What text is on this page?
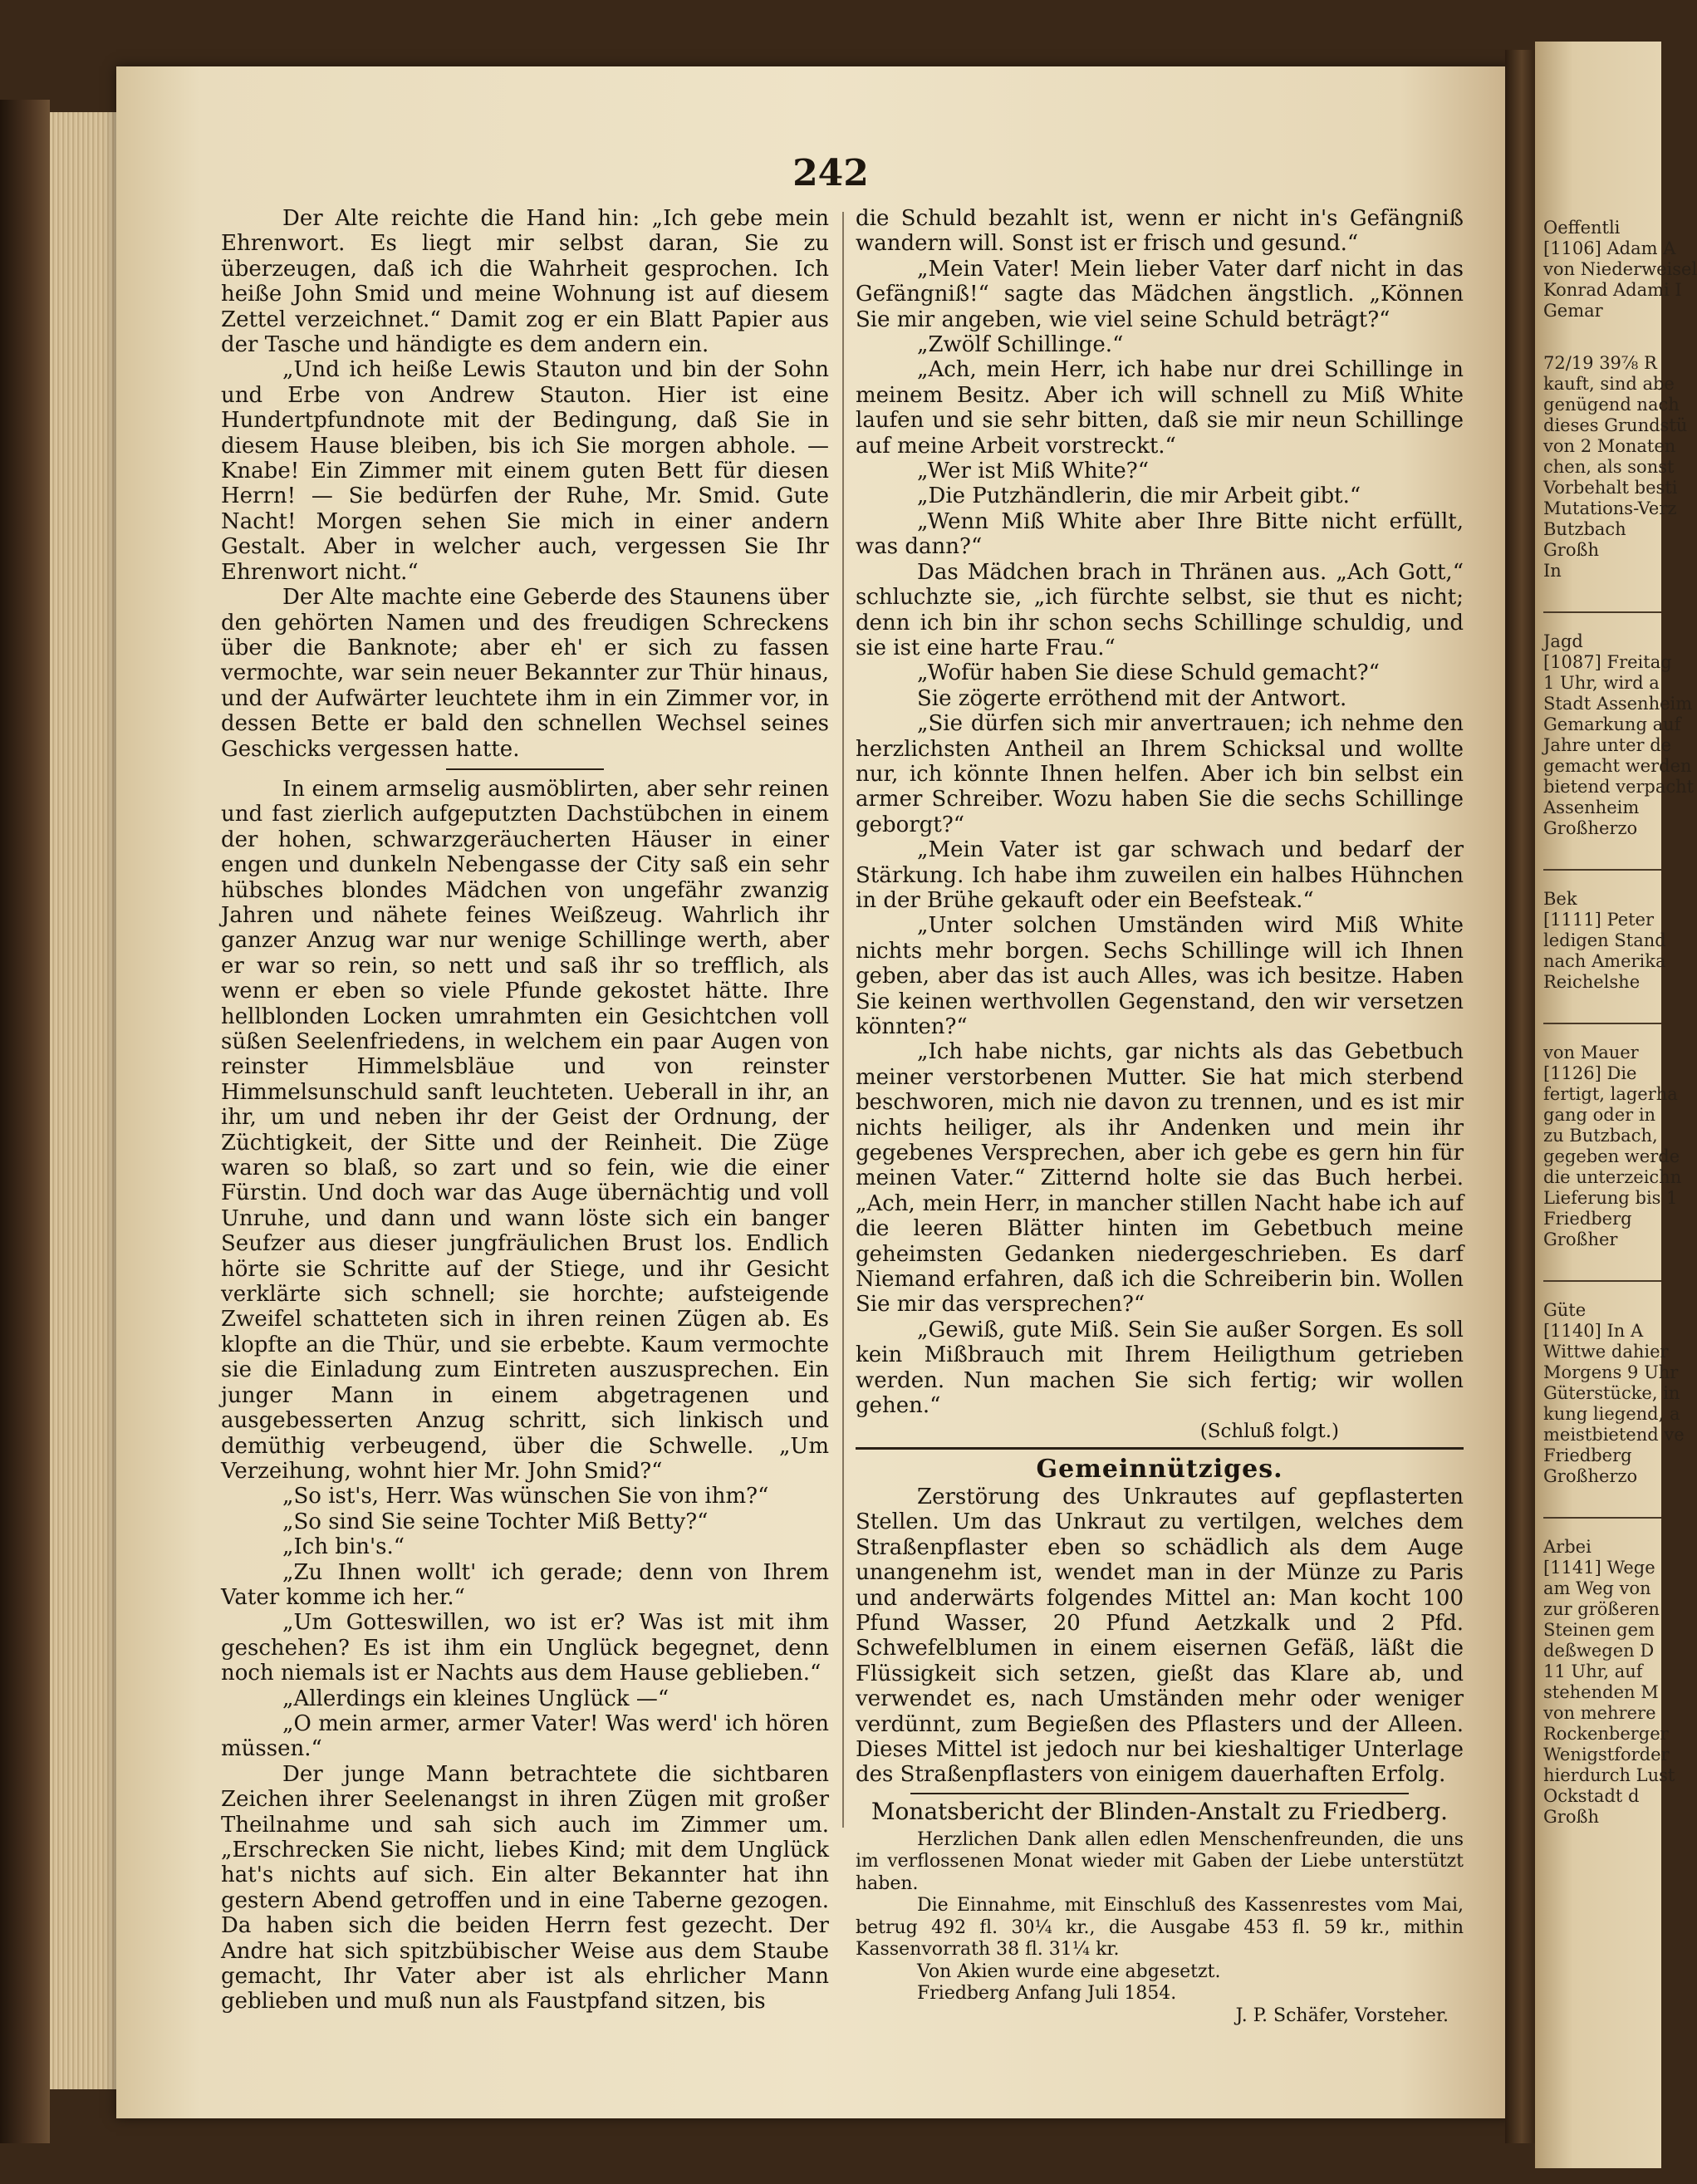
242

Der Alte reichte die Hand hin: „Ich gebe mein Ehrenwort. Es liegt mir selbst daran, Sie zu überzeugen, daß ich die Wahrheit gesprochen. Ich heiße John Smid und meine Wohnung ist auf diesem Zettel verzeichnet.“ Damit zog er ein Blatt Papier aus der Tasche und händigte es dem andern ein.

„Und ich heiße Lewis Stauton und bin der Sohn und Erbe von Andrew Stauton. Hier ist eine Hundertpfundnote mit der Bedingung, daß Sie in diesem Hause bleiben, bis ich Sie morgen abhole. — Knabe! Ein Zimmer mit einem guten Bett für diesen Herrn! — Sie bedürfen der Ruhe, Mr. Smid. Gute Nacht! Morgen sehen Sie mich in einer andern Gestalt. Aber in welcher auch, vergessen Sie Ihr Ehrenwort nicht.“

Der Alte machte eine Geberde des Staunens über den gehörten Namen und des freudigen Schreckens über die Banknote; aber eh' er sich zu fassen vermochte, war sein neuer Bekannter zur Thür hinaus, und der Aufwärter leuchtete ihm in ein Zimmer vor, in dessen Bette er bald den schnellen Wechsel seines Geschicks vergessen hatte.

In einem armselig ausmöblirten, aber sehr reinen und fast zierlich aufgeputzten Dachstübchen in einem der hohen, schwarzgeräucherten Häuser in einer engen und dunkeln Nebengasse der City saß ein sehr hübsches blondes Mädchen von ungefähr zwanzig Jahren und nähete feines Weißzeug. Wahrlich ihr ganzer Anzug war nur wenige Schillinge werth, aber er war so rein, so nett und saß ihr so trefflich, als wenn er eben so viele Pfunde gekostet hätte. Ihre hellblonden Locken umrahmten ein Gesichtchen voll süßen Seelenfriedens, in welchem ein paar Augen von reinster Himmelsbläue und von reinster Himmelsunschuld sanft leuchteten. Ueberall in ihr, an ihr, um und neben ihr der Geist der Ordnung, der Züchtigkeit, der Sitte und der Reinheit. Die Züge waren so blaß, so zart und so fein, wie die einer Fürstin. Und doch war das Auge übernächtig und voll Unruhe, und dann und wann löste sich ein banger Seufzer aus dieser jungfräulichen Brust los. Endlich hörte sie Schritte auf der Stiege, und ihr Gesicht verklärte sich schnell; sie horchte; aufsteigende Zweifel schatteten sich in ihren reinen Zügen ab. Es klopfte an die Thür, und sie erbebte. Kaum vermochte sie die Einladung zum Eintreten auszusprechen. Ein junger Mann in einem abgetragenen und ausgebesserten Anzug schritt, sich linkisch und demüthig verbeugend, über die Schwelle. „Um Verzeihung, wohnt hier Mr. John Smid?“

„So ist's, Herr. Was wünschen Sie von ihm?“

„So sind Sie seine Tochter Miß Betty?“

„Ich bin's.“

„Zu Ihnen wollt' ich gerade; denn von Ihrem Vater komme ich her.“

„Um Gotteswillen, wo ist er? Was ist mit ihm geschehen? Es ist ihm ein Unglück begegnet, denn noch niemals ist er Nachts aus dem Hause geblieben.“

„Allerdings ein kleines Unglück —“

„O mein armer, armer Vater! Was werd' ich hören müssen.“

Der junge Mann betrachtete die sichtbaren Zeichen ihrer Seelenangst in ihren Zügen mit großer Theilnahme und sah sich auch im Zimmer um. „Erschrecken Sie nicht, liebes Kind; mit dem Unglück hat's nichts auf sich. Ein alter Bekannter hat ihn gestern Abend getroffen und in eine Taberne gezogen. Da haben sich die beiden Herrn fest gezecht. Der Andre hat sich spitzbübischer Weise aus dem Staube gemacht, Ihr Vater aber ist als ehrlicher Mann geblieben und muß nun als Faustpfand sitzen, bis

die Schuld bezahlt ist, wenn er nicht in's Gefängniß wandern will. Sonst ist er frisch und gesund.“

„Mein Vater! Mein lieber Vater darf nicht in das Gefängniß!“ sagte das Mädchen ängstlich. „Können Sie mir angeben, wie viel seine Schuld beträgt?“

„Zwölf Schillinge.“

„Ach, mein Herr, ich habe nur drei Schillinge in meinem Besitz. Aber ich will schnell zu Miß White laufen und sie sehr bitten, daß sie mir neun Schillinge auf meine Arbeit vorstreckt.“

„Wer ist Miß White?“

„Die Putzhändlerin, die mir Arbeit gibt.“

„Wenn Miß White aber Ihre Bitte nicht erfüllt, was dann?“

Das Mädchen brach in Thränen aus. „Ach Gott,“ schluchzte sie, „ich fürchte selbst, sie thut es nicht; denn ich bin ihr schon sechs Schillinge schuldig, und sie ist eine harte Frau.“

„Wofür haben Sie diese Schuld gemacht?“

Sie zögerte erröthend mit der Antwort.

„Sie dürfen sich mir anvertrauen; ich nehme den herzlichsten Antheil an Ihrem Schicksal und wollte nur, ich könnte Ihnen helfen. Aber ich bin selbst ein armer Schreiber. Wozu haben Sie die sechs Schillinge geborgt?“

„Mein Vater ist gar schwach und bedarf der Stärkung. Ich habe ihm zuweilen ein halbes Hühnchen in der Brühe gekauft oder ein Beefsteak.“

„Unter solchen Umständen wird Miß White nichts mehr borgen. Sechs Schillinge will ich Ihnen geben, aber das ist auch Alles, was ich besitze. Haben Sie keinen werthvollen Gegenstand, den wir versetzen könnten?“

„Ich habe nichts, gar nichts als das Gebetbuch meiner verstorbenen Mutter. Sie hat mich sterbend beschworen, mich nie davon zu trennen, und es ist mir nichts heiliger, als ihr Andenken und mein ihr gegebenes Versprechen, aber ich gebe es gern hin für meinen Vater.“ Zitternd holte sie das Buch herbei. „Ach, mein Herr, in mancher stillen Nacht habe ich auf die leeren Blätter hinten im Gebetbuch meine geheimsten Gedanken niedergeschrieben. Es darf Niemand erfahren, daß ich die Schreiberin bin. Wollen Sie mir das versprechen?“

„Gewiß, gute Miß. Sein Sie außer Sorgen. Es soll kein Mißbrauch mit Ihrem Heiligthum getrieben werden. Nun machen Sie sich fertig; wir wollen gehen.“

(Schluß folgt.)
Gemeinnütziges.

Zerstörung des Unkrautes auf gepflasterten Stellen. Um das Unkraut zu vertilgen, welches dem Straßenpflaster eben so schädlich als dem Auge unangenehm ist, wendet man in der Münze zu Paris und anderwärts folgendes Mittel an: Man kocht 100 Pfund Wasser, 20 Pfund Aetzkalk und 2 Pfd. Schwefelblumen in einem eisernen Gefäß, läßt die Flüssigkeit sich setzen, gießt das Klare ab, und verwendet es, nach Umständen mehr oder weniger verdünnt, zum Begießen des Pflasters und der Alleen. Dieses Mittel ist jedoch nur bei kieshaltiger Unterlage des Straßenpflasters von einigem dauerhaften Erfolg.

Monatsbericht der Blinden-Anstalt zu Friedberg.

Herzlichen Dank allen edlen Menschenfreunden, die uns im verflossenen Monat wieder mit Gaben der Liebe unterstützt haben.

Die Einnahme, mit Einschluß des Kassenrestes vom Mai, betrug 492 fl. 30¼ kr., die Ausgabe 453 fl. 59 kr., mithin Kassenvorrath 38 fl. 31¼ kr.

Von Akien wurde eine abgesetzt.

Friedberg Anfang Juli 1854.

J. P. Schäfer, Vorsteher.
Oeffentli
[1106] Adam A
von Niederweisel
Konrad Adami I
Gemar
72/19 39⅞ R
kauft, sind abe
genügend nach
dieses Grundstü
von 2 Monaten
chen, als sonst
Vorbehalt besti
Mutations-Verz
Butzbach
Großh
In
Jagd
[1087] Freitag
1 Uhr, wird a
Stadt Assenheim
Gemarkung auf
Jahre unter de
gemacht werden
bietend verpacht
Assenheim
Großherzo
Bek
[1111] Peter
ledigen Stand
nach Amerika
Reichelshe
von Mauer
[1126] Die
fertigt, lagerha
gang oder in
zu Butzbach,
gegeben werde
die unterzeichn
Lieferung bis 1
Friedberg
Großher
Güte
[1140] In A
Wittwe dahier
Morgens 9 Uhr
Güterstücke, in
kung liegend, a
meistbietend ve
Friedberg
Großherzo
Arbei
[1141] Wege
am Weg von
zur größeren
Steinen gem
deßwegen D
11 Uhr, auf
stehenden M
von mehrere
Rockenberger
Wenigstforder
hierdurch Lust
Ockstadt d
Großh
